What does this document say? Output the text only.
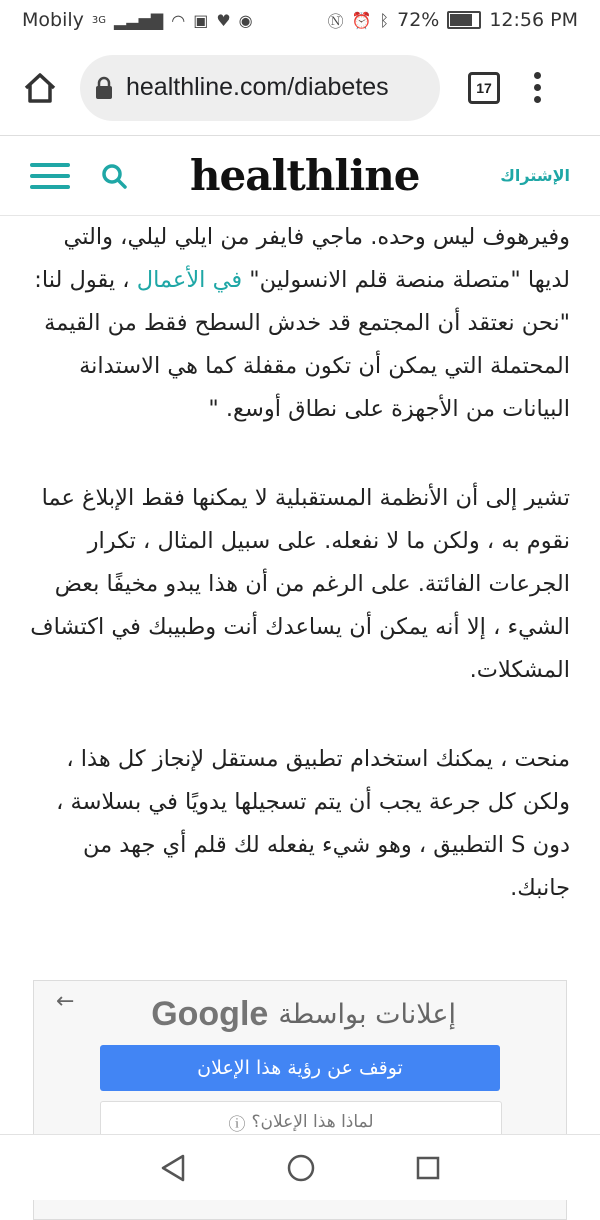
Mobily 3G ▂▃▅▇ ◠ ▣ ♥ ◉	Ⓝ ⏰ ᛒ 72%	12:56 PM
healthline.com/diabetes	17
healthline	الإشتراك

وفيرهوف ليس وحده. ماجي فايفر من ايلي ليلي، والتي لديها "متصلة منصة قلم الانسولين" في الأعمال ، يقول لنا: "نحن نعتقد أن المجتمع قد خدش السطح فقط من القيمة المحتملة التي يمكن أن تكون مقفلة كما هي الاستدانة البيانات من الأجهزة على نطاق أوسع. "

تشير إلى أن الأنظمة المستقبلية لا يمكنها فقط الإبلاغ عما نقوم به ، ولكن ما لا نفعله. على سبيل المثال ، تكرار الجرعات الفائتة. على الرغم من أن هذا يبدو مخيفًا بعض الشيء ، إلا أنه يمكن أن يساعدك أنت وطبيبك في اكتشاف المشكلات.

منحت ، يمكنك استخدام تطبيق مستقل لإنجاز كل هذا ، ولكن كل جرعة يجب أن يتم تسجيلها يدويًا في بسلاسة ، دون S التطبيق ، وهو شيء يفعله لك قلم أي جهد من جانبك.

←	إعلانات بواسطة
Google
توقف عن رؤية هذا الإعلان
لماذا هذا الإعلان؟
ⓘ
